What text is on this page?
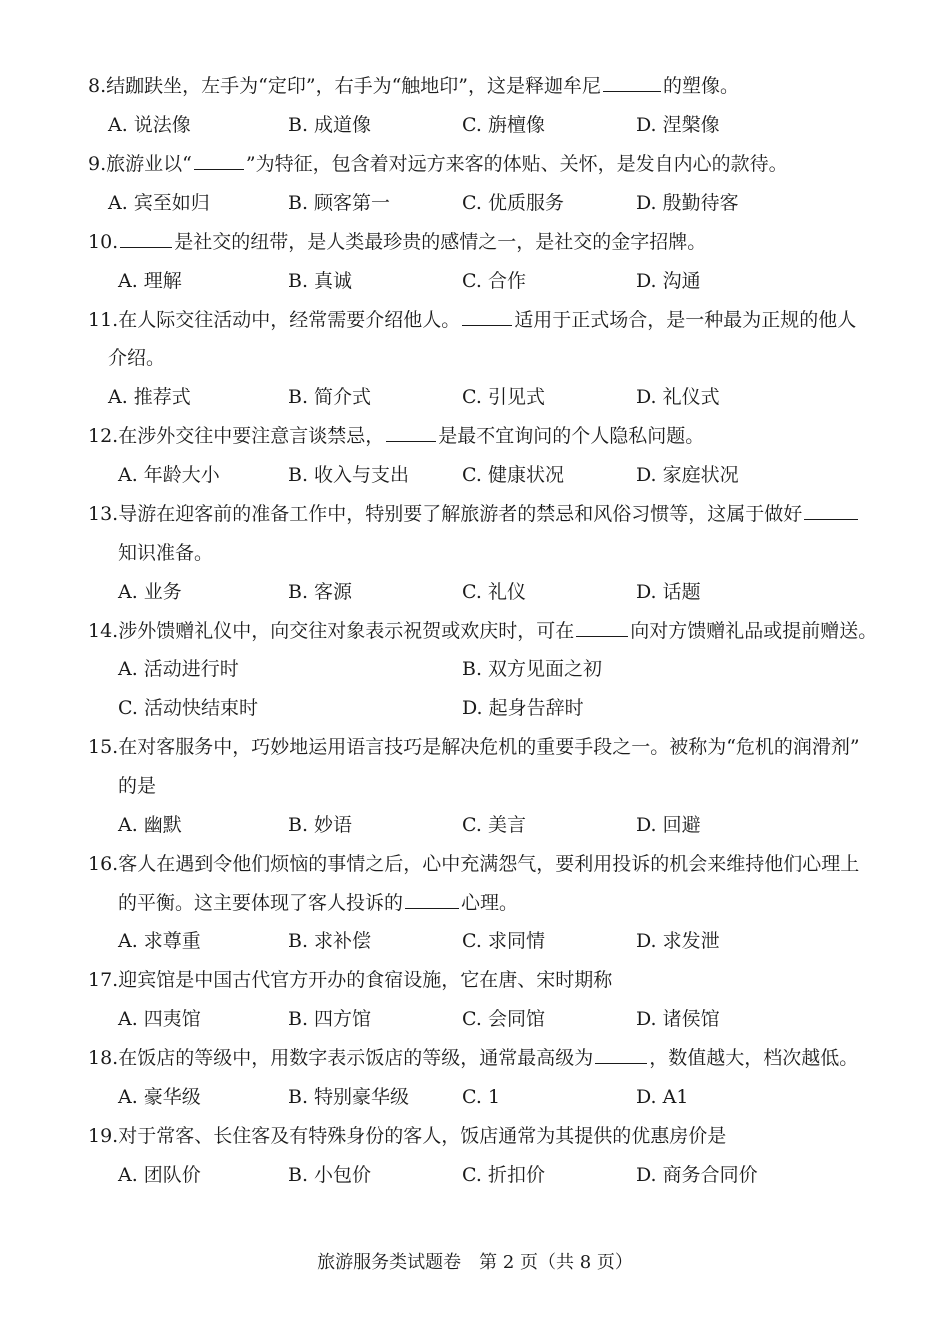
8.结跏趺坐，左手为“定印”，右手为“触地印”，这是释迦牟尼	的塑像。
A. 说法像	B. 成道像	C. 旃檀像	D. 涅槃像
9.旅游业以“	”为特征，包含着对远方来客的体贴、关怀，是发自内心的款待。
A. 宾至如归	B. 顾客第一	C. 优质服务	D. 殷勤待客
10.	是社交的纽带，是人类最珍贵的感情之一，是社交的金字招牌。
A. 理解	B. 真诚	C. 合作	D. 沟通
11.在人际交往活动中，经常需要介绍他人。	适用于正式场合，是一种最为正规的他人
介绍。
A. 推荐式	B. 简介式	C. 引见式	D. 礼仪式
12.在涉外交往中要注意言谈禁忌，	是最不宜询问的个人隐私问题。
A. 年龄大小	B. 收入与支出	C. 健康状况	D. 家庭状况
13.导游在迎客前的准备工作中，特别要了解旅游者的禁忌和风俗习惯等，这属于做好
知识准备。
A. 业务	B. 客源	C. 礼仪	D. 话题
14.涉外馈赠礼仪中，向交往对象表示祝贺或欢庆时，可在	向对方馈赠礼品或提前赠送。
A. 活动进行时	B. 双方见面之初
C. 活动快结束时	D. 起身告辞时
15.在对客服务中，巧妙地运用语言技巧是解决危机的重要手段之一。被称为“危机的润滑剂”
的是
A. 幽默	B. 妙语	C. 美言	D. 回避
16.客人在遇到令他们烦恼的事情之后，心中充满怨气，要利用投诉的机会来维持他们心理上
的平衡。这主要体现了客人投诉的	心理。
A. 求尊重	B. 求补偿	C. 求同情	D. 求发泄
17.迎宾馆是中国古代官方开办的食宿设施，它在唐、宋时期称
A. 四夷馆	B. 四方馆	C. 会同馆	D. 诸侯馆
18.在饭店的等级中，用数字表示饭店的等级，通常最高级为	，数值越大，档次越低。
A. 豪华级	B. 特别豪华级	C. 1	D. A1
19.对于常客、长住客及有特殊身份的客人，饭店通常为其提供的优惠房价是
A. 团队价	B. 小包价	C. 折扣价	D. 商务合同价
旅游服务类试题卷　第 2 页（共 8 页）
